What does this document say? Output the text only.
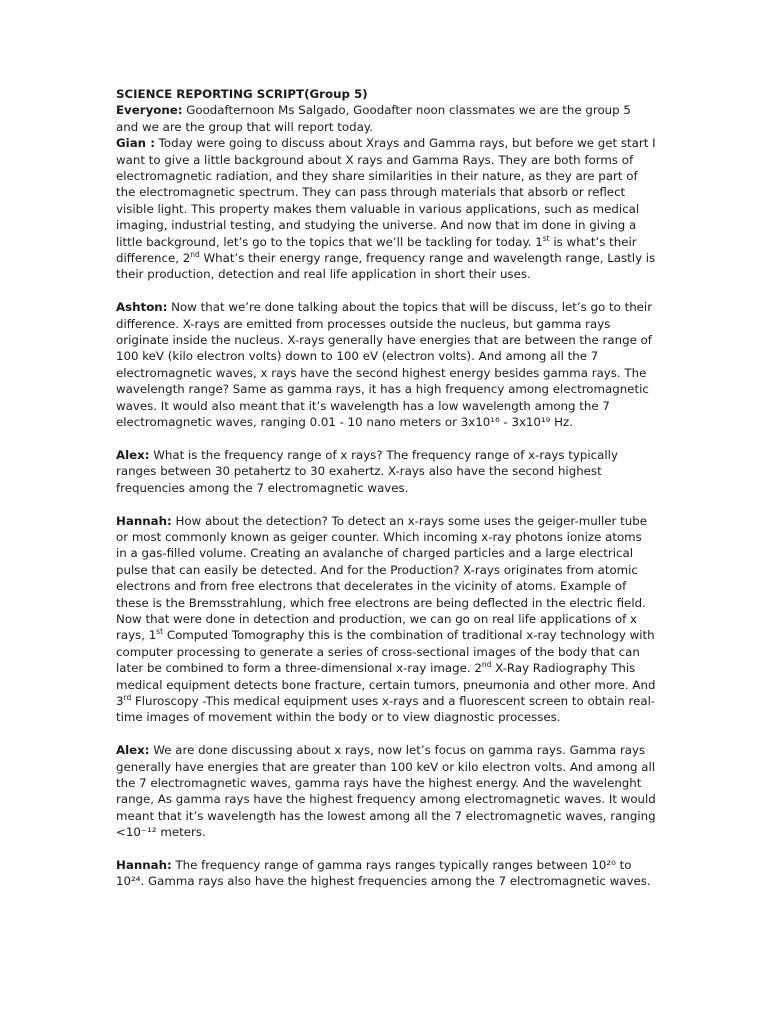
SCIENCE REPORTING SCRIPT(Group 5)

Everyone: Goodafternoon Ms Salgado, Goodafter noon classmates we are the group 5 and we are the group that will report today.

Gian : Today were going to discuss about Xrays and Gamma rays, but before we get start I want to give a little background about X rays and Gamma Rays. They are both forms of electromagnetic radiation, and they share similarities in their nature, as they are part of the electromagnetic spectrum. They can pass through materials that absorb or reflect visible light. This property makes them valuable in various applications, such as medical imaging, industrial testing, and studying the universe. And now that im done in giving a little background, let’s go to the topics that we’ll be tackling for today. 1st is what’s their difference, 2nd What’s their energy range, frequency range and wavelength range, Lastly is their production, detection and real life application in short their uses.

Ashton: Now that we’re done talking about the topics that will be discuss, let’s go to their difference. X-rays are emitted from processes outside the nucleus, but gamma rays originate inside the nucleus. X-rays generally have energies that are between the range of 100 keV (kilo electron volts) down to 100 eV (electron volts). And among all the 7 electromagnetic waves, x rays have the second highest energy besides gamma rays. The wavelength range? Same as gamma rays, it has a high frequency among electromagnetic waves. It would also meant that it’s wavelength has a low wavelength among the 7 electromagnetic waves, ranging 0.01 - 10 nano meters or 3x10¹⁶ - 3x10¹⁹ Hz.

Alex: What is the frequency range of x rays? The frequency range of x-rays typically ranges between 30 petahertz to 30 exahertz. X-rays also have the second highest frequencies among the 7 electromagnetic waves.

Hannah: How about the detection? To detect an x-rays some uses the geiger-muller tube or most commonly known as geiger counter. Which incoming x-ray photons ionize atoms in a gas-filled volume. Creating an avalanche of charged particles and a large electrical pulse that can easily be detected. And for the Production? X-rays originates from atomic electrons and from free electrons that decelerates in the vicinity of atoms. Example of these is the Bremsstrahlung, which free electrons are being deflected in the electric field. Now that were done in detection and production, we can go on real life applications of x rays, 1st Computed Tomography this is the combination of traditional x-ray technology with computer processing to generate a series of cross-sectional images of the body that can later be combined to form a three-dimensional x-ray image. 2nd X-Ray Radiography This medical equipment detects bone fracture, certain tumors, pneumonia and other more. And 3rd Fluroscopy -This medical equipment uses x-rays and a fluorescent screen to obtain real-time images of movement within the body or to view diagnostic processes.

Alex: We are done discussing about x rays, now let’s focus on gamma rays. Gamma rays generally have energies that are greater than 100 keV or kilo electron volts. And among all the 7 electromagnetic waves, gamma rays have the highest energy. And the wavelenght range, As gamma rays have the highest frequency among electromagnetic waves. It would meant that it’s wavelength has the lowest among all the 7 electromagnetic waves, ranging <10⁻¹² meters.

Hannah: The frequency range of gamma rays ranges typically ranges between 10²⁰ to 10²⁴. Gamma rays also have the highest frequencies among the 7 electromagnetic waves.
